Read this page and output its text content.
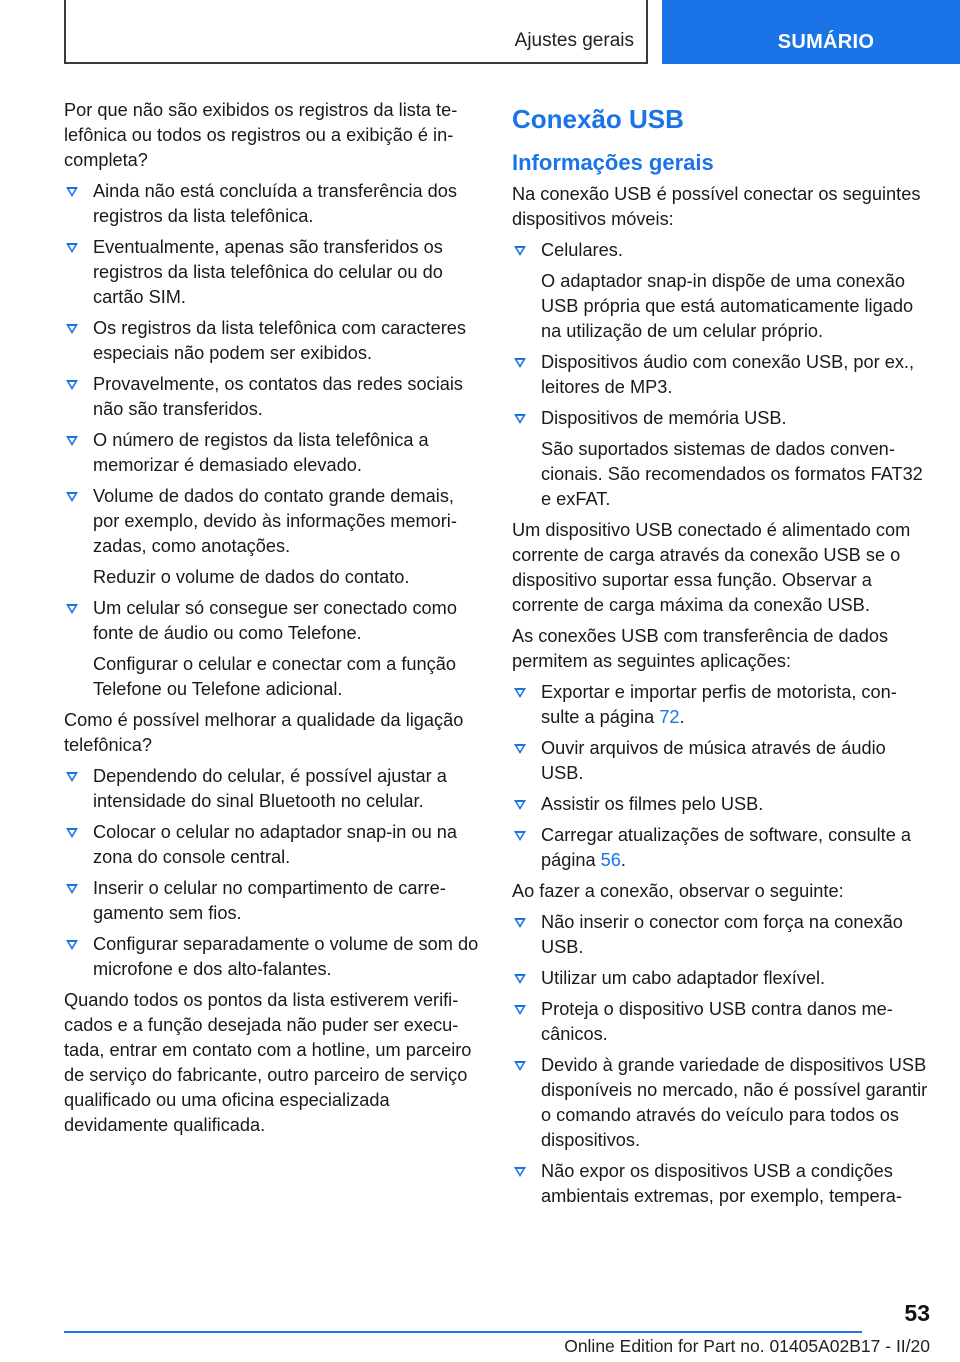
Ajustes gerais	SUMÁRIO

Por que não são exibidos os registros da lista telefônica ou todos os registros ou a exibição é incompleta?

Ainda não está concluída a transferência dos registros da lista telefônica.
Eventualmente, apenas são transferidos os registros da lista telefônica do celular ou do cartão SIM.
Os registros da lista telefônica com caracteres especiais não podem ser exibidos.
Provavelmente, os contatos das redes sociais não são transferidos.
O número de registos da lista telefônica a memorizar é demasiado elevado.
Volume de dados do contato grande demais, por exemplo, devido às informações memorizadas, como anotações.

Reduzir o volume de dados do contato.

Um celular só consegue ser conectado como fonte de áudio ou como Telefone.

Configurar o celular e conectar com a função Telefone ou Telefone adicional.

Como é possível melhorar a qualidade da ligação telefônica?

Dependendo do celular, é possível ajustar a intensidade do sinal Bluetooth no celular.
Colocar o celular no adaptador snap-in ou na zona do console central.
Inserir o celular no compartimento de carregamento sem fios.
Configurar separadamente o volume de som do microfone e dos alto-falantes.

Quando todos os pontos da lista estiverem verificados e a função desejada não puder ser executada, entrar em contato com a hotline, um parceiro de serviço do fabricante, outro parceiro de serviço qualificado ou uma oficina especializada devidamente qualificada.

Conexão USB
Informações gerais

Na conexão USB é possível conectar os seguintes dispositivos móveis:

Celulares.

O adaptador snap-in dispõe de uma conexão USB própria que está automaticamente ligado na utilização de um celular próprio.

Dispositivos áudio com conexão USB, por ex., leitores de MP3.
Dispositivos de memória USB.

São suportados sistemas de dados convencionais. São recomendados os formatos FAT32 e exFAT.

Um dispositivo USB conectado é alimentado com corrente de carga através da conexão USB se o dispositivo suportar essa função. Observar a corrente de carga máxima da conexão USB.

As conexões USB com transferência de dados permitem as seguintes aplicações:

Exportar e importar perfis de motorista, consulte a página 72.
Ouvir arquivos de música através de áudio USB.
Assistir os filmes pelo USB.
Carregar atualizações de software, consulte a página 56.

Ao fazer a conexão, observar o seguinte:

Não inserir o conector com força na conexão USB.
Utilizar um cabo adaptador flexível.
Proteja o dispositivo USB contra danos mecânicos.
Devido à grande variedade de dispositivos USB disponíveis no mercado, não é possível garantir o comando através do veículo para todos os dispositivos.
Não expor os dispositivos USB a condições ambientais extremas, por exemplo, tempera-
53
Online Edition for Part no. 01405A02B17 - II/20
